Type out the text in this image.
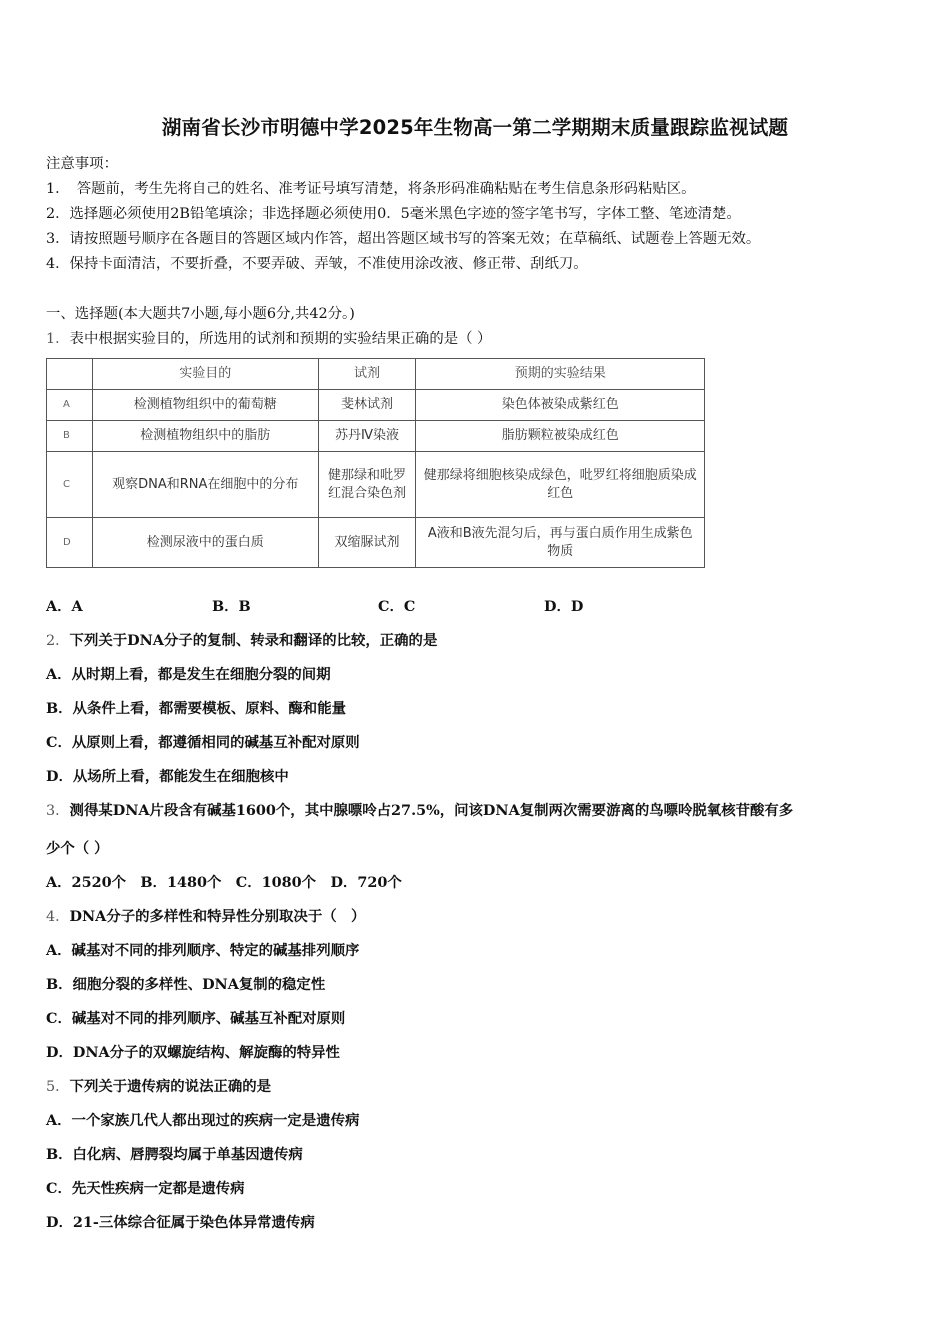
湖南省长沙市明德中学2025年生物高一第二学期期末质量跟踪监视试题
注意事项：
1．　答题前，考生先将自己的姓名、准考证号填写清楚，将条形码准确粘贴在考生信息条形码粘贴区。
2．选择题必须使用2B铅笔填涂；非选择题必须使用0．5毫米黑色字迹的签字笔书写，字体工整、笔迹清楚。
3．请按照题号顺序在各题目的答题区域内作答，超出答题区域书写的答案无效；在草稿纸、试题卷上答题无效。
4．保持卡面清洁，不要折叠，不要弄破、弄皱，不准使用涂改液、修正带、刮纸刀。
一、选择题(本大题共7小题,每小题6分,共42分。)
1．表中根据实验目的，所选用的试剂和预期的实验结果正确的是（ ）
	实验目的	试剂	预期的实验结果
A	检测植物组织中的葡萄糖	斐林试剂	染色体被染成紫红色
B	检测植物组织中的脂肪	苏丹Ⅳ染液	脂肪颗粒被染成红色
C	观察DNA和RNA在细胞中的分布	健那绿和吡罗红混合染色剂	健那绿将细胞核染成绿色，吡罗红将细胞质染成红色
D	检测尿液中的蛋白质	双缩脲试剂	A液和B液先混匀后，再与蛋白质作用生成紫色物质
A．A	B．B	C．C	D．D
2．下列关于DNA分子的复制、转录和翻译的比较，正确的是
A．从时期上看，都是发生在细胞分裂的间期
B．从条件上看，都需要模板、原料、酶和能量
C．从原则上看，都遵循相同的碱基互补配对原则
D．从场所上看，都能发生在细胞核中
3．测得某DNA片段含有碱基1600个，其中腺嘌呤占27.5%，问该DNA复制两次需要游离的鸟嘌呤脱氧核苷酸有多
少个（ ）
A．2520个　B．1480个　C．1080个　D．720个
4．DNA分子的多样性和特异性分别取决于（　）
A．碱基对不同的排列顺序、特定的碱基排列顺序
B．细胞分裂的多样性、DNA复制的稳定性
C．碱基对不同的排列顺序、碱基互补配对原则
D．DNA分子的双螺旋结构、解旋酶的特异性
5．下列关于遗传病的说法正确的是
A．一个家族几代人都出现过的疾病一定是遗传病
B．白化病、唇腭裂均属于单基因遗传病
C．先天性疾病一定都是遗传病
D．21-三体综合征属于染色体异常遗传病
